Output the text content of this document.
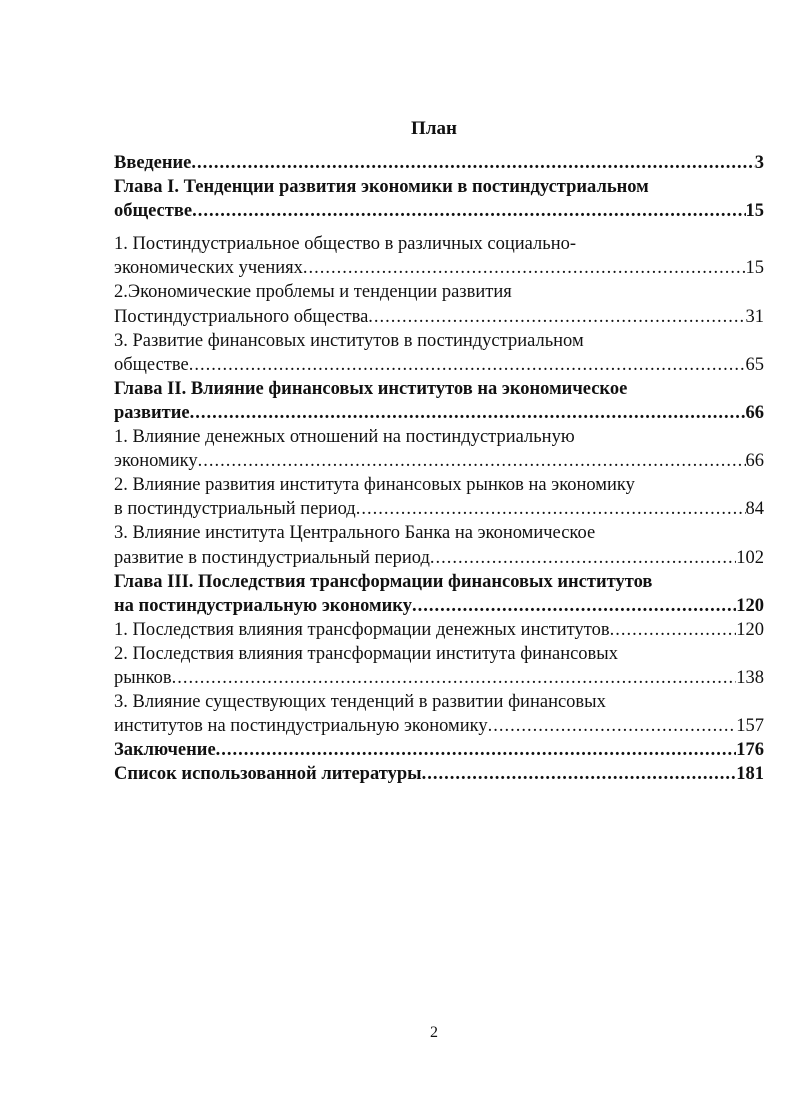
План
Введение .....	3
Глава I. Тенденции развития экономики в постиндустриальном
обществе .....	15
1. Постиндустриальное общество в различных социально-
экономических учениях .....	15
2.Экономические проблемы и тенденции развития
Постиндустриального общества .....	31
3. Развитие финансовых институтов в постиндустриальном
обществе .....	65
Глава II. Влияние финансовых институтов на экономическое
развитие .....	66
1. Влияние денежных отношений на постиндустриальную
экономику .....	66
2. Влияние развития института финансовых рынков на экономику
в постиндустриальный период .....	84
3. Влияние института Центрального Банка на экономическое
развитие в постиндустриальный период .....	102
Глава III. Последствия трансформации финансовых институтов
на постиндустриальную экономику .....	120
1. Последствия влияния трансформации денежных институтов .....	120
2. Последствия влияния трансформации института финансовых
рынков .....	138
3. Влияние существующих тенденций в развитии финансовых
институтов на постиндустриальную экономику .....	157
Заключение .....	176
Список использованной литературы .....	181
2
